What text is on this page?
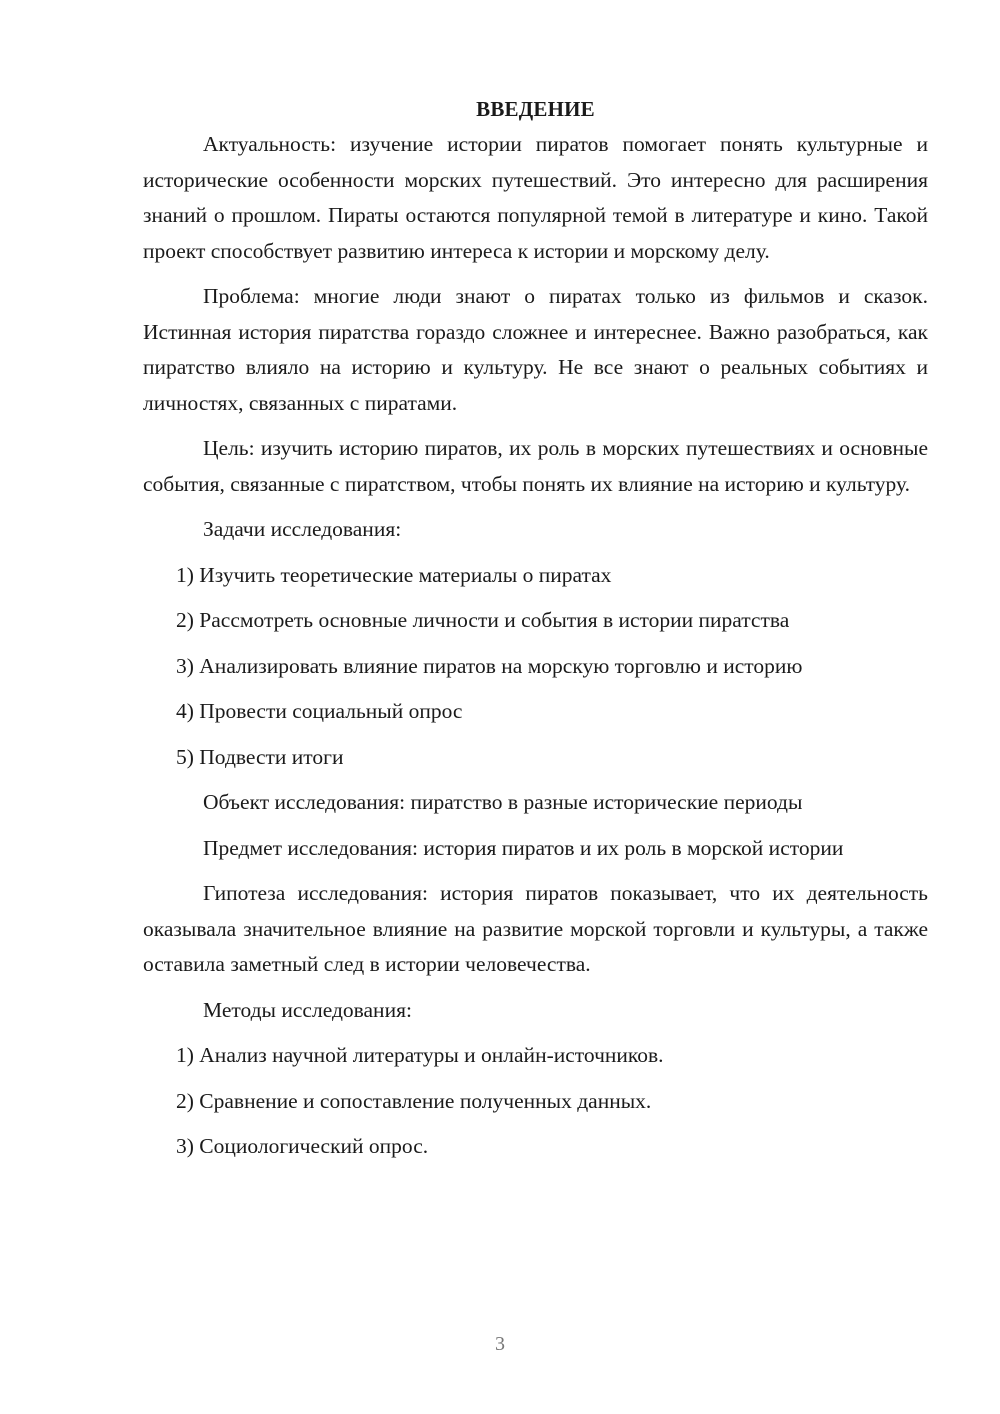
ВВЕДЕНИЕ

Актуальность: изучение истории пиратов помогает понять культурные и исторические особенности морских путешествий. Это интересно для расширения знаний о прошлом. Пираты остаются популярной темой в литературе и кино. Такой проект способствует развитию интереса к истории и морскому делу.

Проблема: многие люди знают о пиратах только из фильмов и сказок. Истинная история пиратства гораздо сложнее и интереснее. Важно разобраться, как пиратство влияло на историю и культуру. Не все знают о реальных событиях и личностях, связанных с пиратами.

Цель: изучить историю пиратов, их роль в морских путешествиях и основные события, связанные с пиратством, чтобы понять их влияние на историю и культуру.

Задачи исследования:

1) Изучить теоретические материалы о пиратах

2) Рассмотреть основные личности и события в истории пиратства

3) Анализировать влияние пиратов на морскую торговлю и историю

4) Провести социальный опрос

5) Подвести итоги

Объект исследования: пиратство в разные исторические периоды

Предмет исследования: история пиратов и их роль в морской истории

Гипотеза исследования: история пиратов показывает, что их деятельность оказывала значительное влияние на развитие морской торговли и культуры, а также оставила заметный след в истории человечества.

Методы исследования:

1) Анализ научной литературы и онлайн-источников.

2) Сравнение и сопоставление полученных данных.

3) Социологический опрос.

3
